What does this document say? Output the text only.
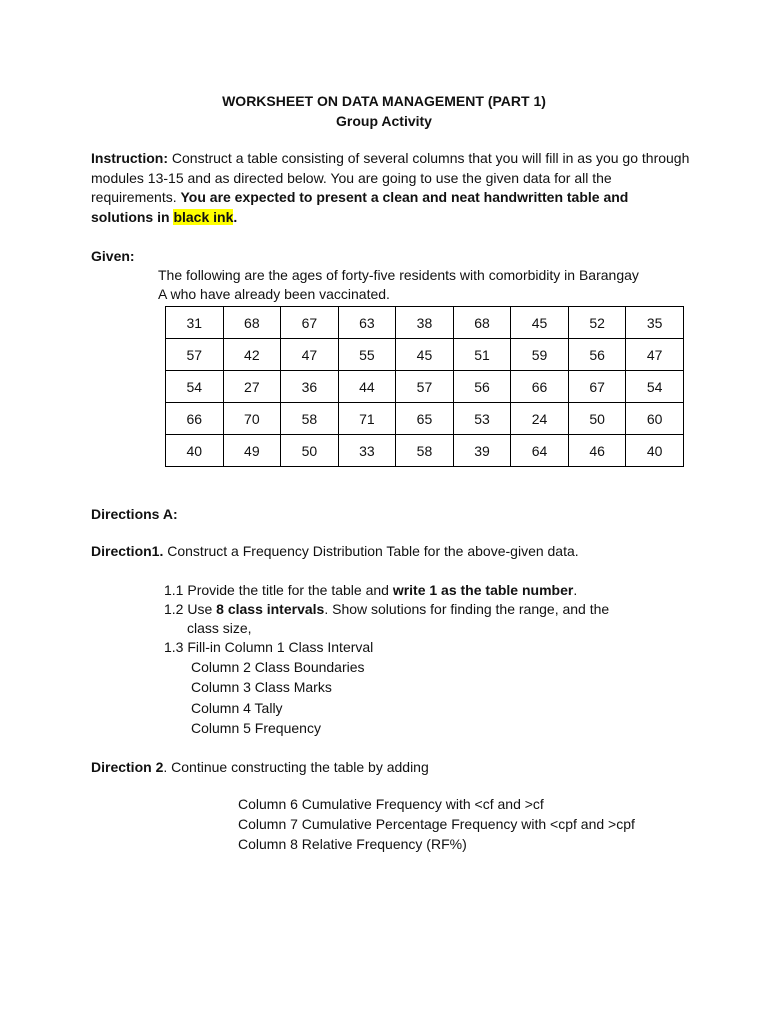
WORKSHEET ON DATA MANAGEMENT (PART 1)
Group Activity
Instruction: Construct a table consisting of several columns that you will fill in as you go through modules 13-15 and as directed below. You are going to use the given data for all the requirements. You are expected to present a clean and neat handwritten table and solutions in black ink.
Given:
The following are the ages of forty-five residents with comorbidity in Barangay
A who have already been vaccinated.
31	68	67	63	38	68	45	52	35
57	42	47	55	45	51	59	56	47
54	27	36	44	57	56	66	67	54
66	70	58	71	65	53	24	50	60
40	49	50	33	58	39	64	46	40
Directions A:
Direction1. Construct a Frequency Distribution Table for the above-given data.
1.1 Provide the title for the table and write 1 as the table number.
1.2 Use 8 class intervals. Show solutions for finding the range, and the
class size,
1.3 Fill-in Column 1 Class Interval
Column 2 Class Boundaries
Column 3 Class Marks
Column 4 Tally
Column 5 Frequency
Direction 2. Continue constructing the table by adding
Column 6 Cumulative Frequency with <cf and >cf
Column 7 Cumulative Percentage Frequency with <cpf and >cpf
Column 8 Relative Frequency (RF%)
